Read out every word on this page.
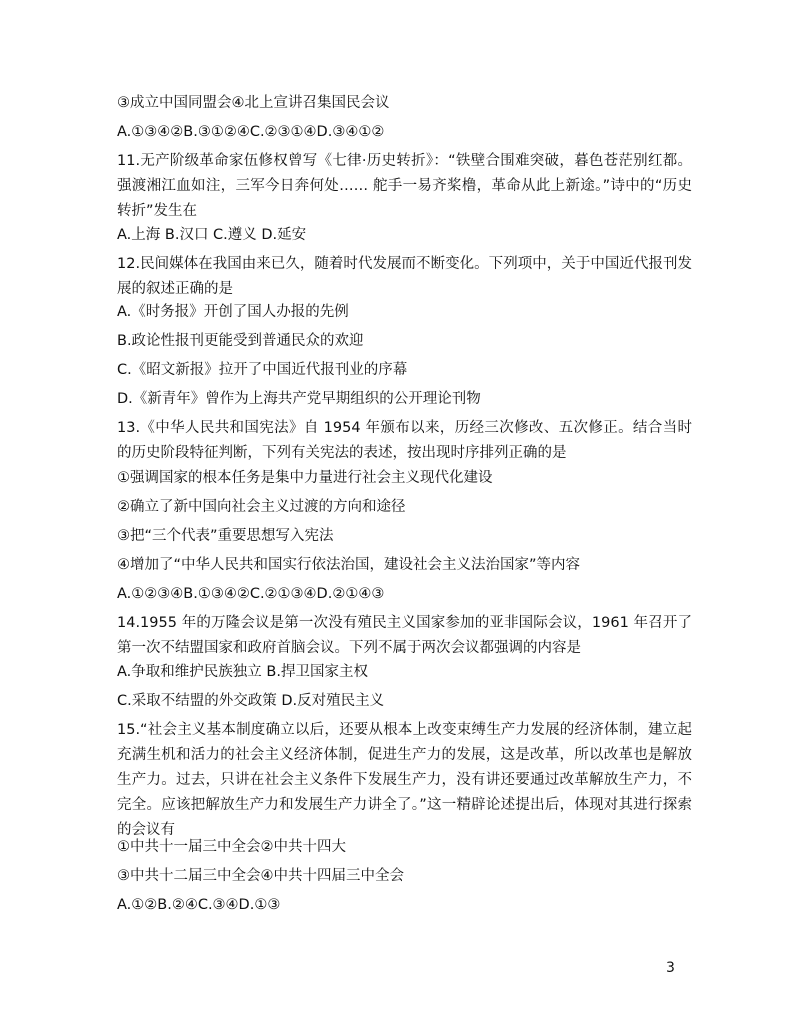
③成立中国同盟会④北上宣讲召集国民会议
A.①③④②B.③①②④C.②③①④D.③④①②
11.无产阶级革命家伍修权曾写《七律·历史转折》：“铁壁合围难突破，暮色苍茫别红都。强渡湘江血如注，三军今日奔何处…… 舵手一易齐桨橹，革命从此上新途。”诗中的“历史转折”发生在
A.上海 B.汉口 C.遵义 D.延安
12.民间媒体在我国由来已久，随着时代发展而不断变化。下列项中，关于中国近代报刊发展的叙述正确的是
A.《时务报》开创了国人办报的先例
B.政论性报刊更能受到普通民众的欢迎
C.《昭文新报》拉开了中国近代报刊业的序幕
D.《新青年》曾作为上海共产党早期组织的公开理论刊物
13.《中华人民共和国宪法》自 1954 年颁布以来，历经三次修改、五次修正。结合当时的历史阶段特征判断，下列有关宪法的表述，按出现时序排列正确的是
①强调国家的根本任务是集中力量进行社会主义现代化建设
②确立了新中国向社会主义过渡的方向和途径
③把“三个代表”重要思想写入宪法
④增加了“中华人民共和国实行依法治国，建设社会主义法治国家”等内容
A.①②③④B.①③④②C.②①③④D.②①④③
14.1955 年的万隆会议是第一次没有殖民主义国家参加的亚非国际会议，1961 年召开了第一次不结盟国家和政府首脑会议。下列不属于两次会议都强调的内容是
A.争取和维护民族独立 B.捍卫国家主权
C.采取不结盟的外交政策 D.反对殖民主义
15.“社会主义基本制度确立以后，还要从根本上改变束缚生产力发展的经济体制，建立起充满生机和活力的社会主义经济体制，促进生产力的发展，这是改革，所以改革也是解放生产力。过去，只讲在社会主义条件下发展生产力，没有讲还要通过改革解放生产力，不完全。应该把解放生产力和发展生产力讲全了。”这一精辟论述提出后，体现对其进行探索的会议有
①中共十一届三中全会②中共十四大
③中共十二届三中全会④中共十四届三中全会
A.①②B.②④C.③④D.①③
3
